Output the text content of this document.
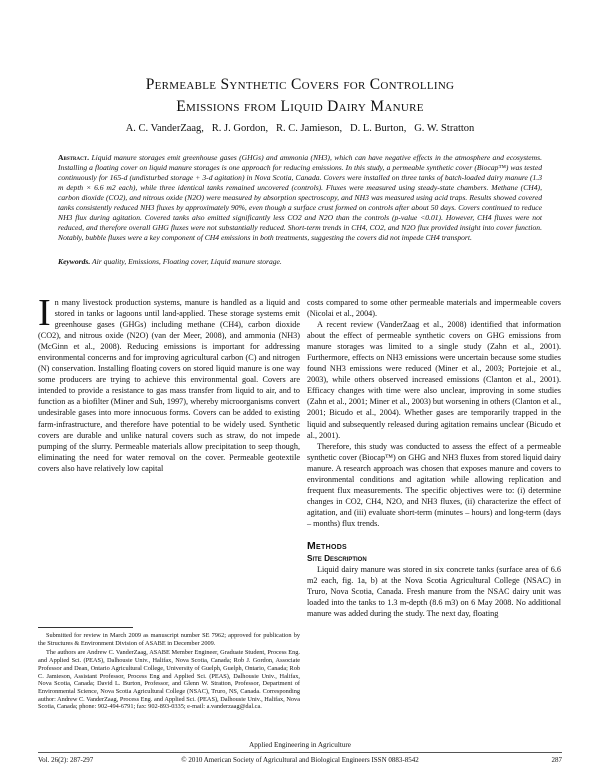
Permeable Synthetic Covers for Controlling
Emissions from Liquid Dairy Manure
A. C. VanderZaag,   R. J. Gordon,   R. C. Jamieson,   D. L. Burton,   G. W. Stratton
Abstract. Liquid manure storages emit greenhouse gases (GHGs) and ammonia (NH3), which can have negative effects in the atmosphere and ecosystems. Installing a floating cover on liquid manure storages is one approach for reducing emissions. In this study, a permeable synthetic cover (Biocap™) was tested continuously for 165-d (undisturbed storage + 3-d agitation) in Nova Scotia, Canada. Covers were installed on three tanks of batch-loaded dairy manure (1.3 m depth × 6.6 m2 each), while three identical tanks remained uncovered (controls). Fluxes were measured using steady-state chambers. Methane (CH4), carbon dioxide (CO2), and nitrous oxide (N2O) were measured by absorption spectroscopy, and NH3 was measured using acid traps. Results showed covered tanks consistently reduced NH3 fluxes by approximately 90%, even though a surface crust formed on controls after about 50 days. Covers continued to reduce NH3 flux during agitation. Covered tanks also emitted significantly less CO2 and N2O than the controls (p-value <0.01). However, CH4 fluxes were not reduced, and therefore overall GHG fluxes were not substantially reduced. Short-term trends in CH4, CO2, and N2O flux provided insight into cover function. Notably, bubble fluxes were a key component of CH4 emissions in both treatments, suggesting the covers did not impede CH4 transport.
Keywords. Air quality, Emissions, Floating cover, Liquid manure storage.

In many livestock production systems, manure is handled as a liquid and stored in tanks or lagoons until land-applied. These storage systems emit greenhouse gases (GHGs) including methane (CH4), carbon dioxide (CO2), and nitrous oxide (N2O) (van der Meer, 2008), and ammonia (NH3) (McGinn et al., 2008). Reducing emissions is important for addressing environmental concerns and for improving agricultural carbon (C) and nitrogen (N) conservation. Installing floating covers on stored liquid manure is one way some producers are trying to achieve this environmental goal. Covers are intended to provide a resistance to gas mass transfer from liquid to air, and to function as a biofilter (Miner and Suh, 1997), whereby microorganisms convert undesirable gases into more innocuous forms. Covers can be added to existing farm-infrastructure, and therefore have potential to be widely used. Synthetic covers are durable and unlike natural covers such as straw, do not impede pumping of the slurry. Permeable materials allow precipitation to seep though, eliminating the need for water removal on the cover. Permeable geotextile covers also have relatively low capital

Submitted for review in March 2009 as manuscript number SE 7962; approved for publication by the Structures & Environment Division of ASABE in December 2009.

The authors are Andrew C. VanderZaag, ASABE Member Engineer, Graduate Student, Process Eng. and Applied Sci. (PEAS), Dalhousie Univ., Halifax, Nova Scotia, Canada; Rob J. Gordon, Associate Professor and Dean, Ontario Agricultural College, University of Guelph, Guelph, Ontario, Canada; Rob C. Jamieson, Assistant Professor, Process Eng and Applied Sci. (PEAS), Dalhousie Univ., Halifax, Nova Scotia, Canada; David L. Burton, Professor, and Glenn W. Stratton, Professor, Department of Environmental Science, Nova Scotia Agricultural College (NSAC), Truro, NS, Canada. Corresponding author: Andrew C. VanderZaag, Process Eng. and Applied Sci. (PEAS), Dalhousie Univ., Halifax, Nova Scotia, Canada; phone: 902-494-6791; fax: 902-893-0335; e-mail: a.vanderzaag@dal.ca.

costs compared to some other permeable materials and impermeable covers (Nicolai et al., 2004).

A recent review (VanderZaag et al., 2008) identified that information about the effect of permeable synthetic covers on GHG emissions from manure storages was limited to a single study (Zahn et al., 2001). Furthermore, effects on NH3 emissions were uncertain because some studies found NH3 emissions were reduced (Miner et al., 2003; Portejoie et al., 2003), while others observed increased emissions (Clanton et al., 2001). Efficacy changes with time were also unclear, improving in some studies (Zahn et al., 2001; Miner et al., 2003) but worsening in others (Clanton et al., 2001; Bicudo et al., 2004). Whether gases are temporarily trapped in the liquid and subsequently released during agitation remains unclear (Bicudo et al., 2001).

Therefore, this study was conducted to assess the effect of a permeable synthetic cover (Biocap™) on GHG and NH3 fluxes from stored liquid dairy manure. A research approach was chosen that exposes manure and covers to environmental conditions and agitation while allowing replication and frequent flux measurements. The specific objectives were to: (i) determine changes in CO2, CH4, N2O, and NH3 fluxes, (ii) characterize the effect of agitation, and (iii) evaluate short-term (minutes – hours) and long-term (days – months) flux trends.

Methods
Site Description

Liquid dairy manure was stored in six concrete tanks (surface area of 6.6 m2 each, fig. 1a, b) at the Nova Scotia Agricultural College (NSAC) in Truro, Nova Scotia, Canada. Fresh manure from the NSAC dairy unit was loaded into the tanks to 1.3 m-depth (8.6 m3) on 6 May 2008. No additional manure was added during the study. The next day, floating

Applied Engineering in Agriculture
Vol. 26(2): 287-297	© 2010 American Society of Agricultural and Biological Engineers ISSN 0883-8542	287
